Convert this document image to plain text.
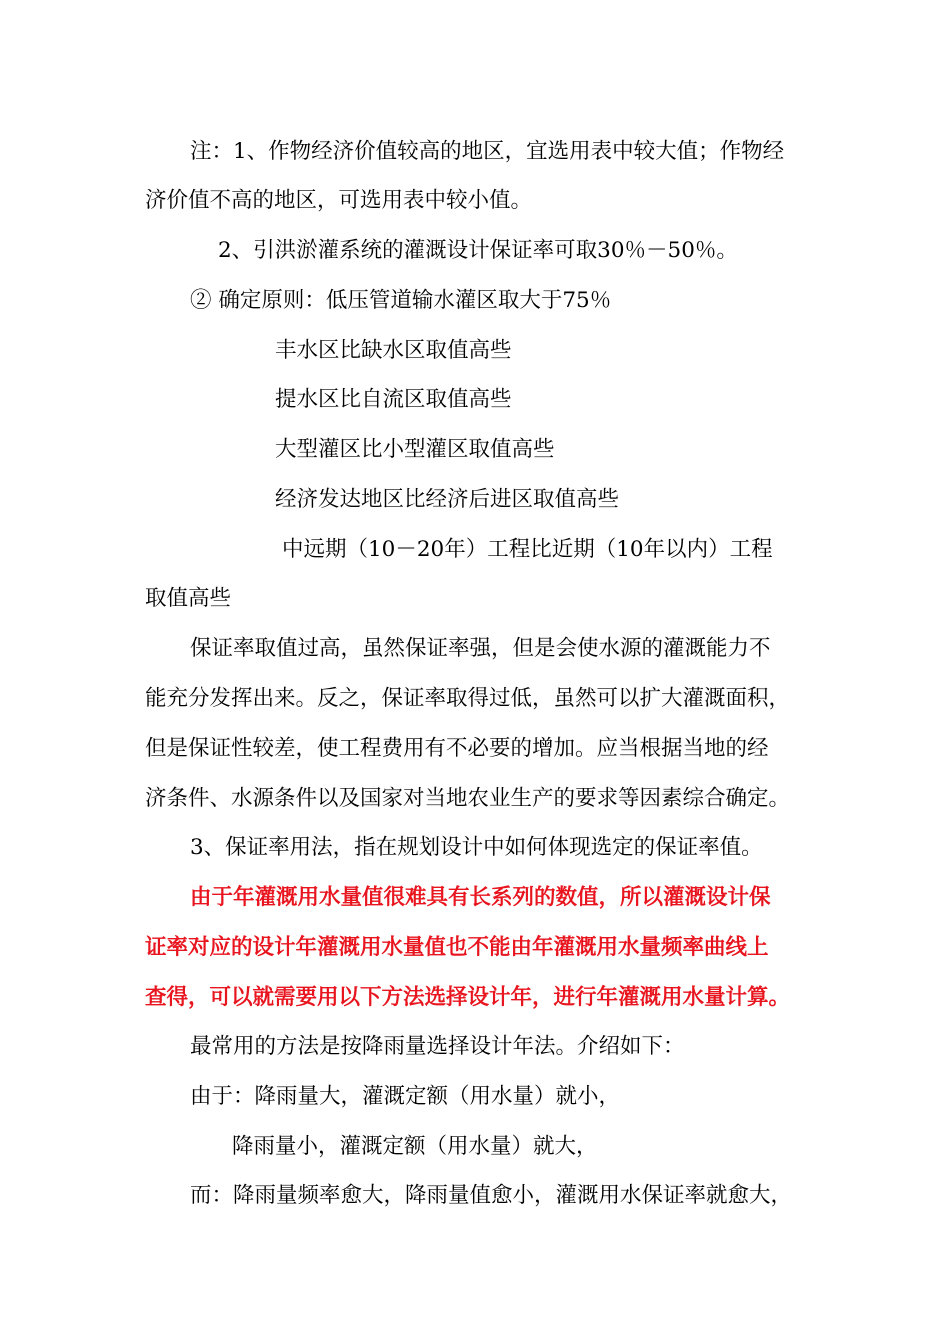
注：1、作物经济价值较高的地区，宜选用表中较大值；作物经
济价值不高的地区，可选用表中较小值。
2、引洪淤灌系统的灌溉设计保证率可取30％－50％。
② 确定原则：低压管道输水灌区取大于75％
丰水区比缺水区取值高些
提水区比自流区取值高些
大型灌区比小型灌区取值高些
经济发达地区比经济后进区取值高些
中远期（10－20年）工程比近期（10年以内）工程
取值高些
保证率取值过高，虽然保证率强，但是会使水源的灌溉能力不
能充分发挥出来。反之，保证率取得过低，虽然可以扩大灌溉面积，
但是保证性较差，使工程费用有不必要的增加。应当根据当地的经
济条件、水源条件以及国家对当地农业生产的要求等因素综合确定。
3、保证率用法，指在规划设计中如何体现选定的保证率值。
由于年灌溉用水量值很难具有长系列的数值，所以灌溉设计保
证率对应的设计年灌溉用水量值也不能由年灌溉用水量频率曲线上
查得，可以就需要用以下方法选择设计年，进行年灌溉用水量计算。
最常用的方法是按降雨量选择设计年法。介绍如下：
由于：降雨量大，灌溉定额（用水量）就小，
降雨量小，灌溉定额（用水量）就大，
而：降雨量频率愈大，降雨量值愈小，灌溉用水保证率就愈大，
